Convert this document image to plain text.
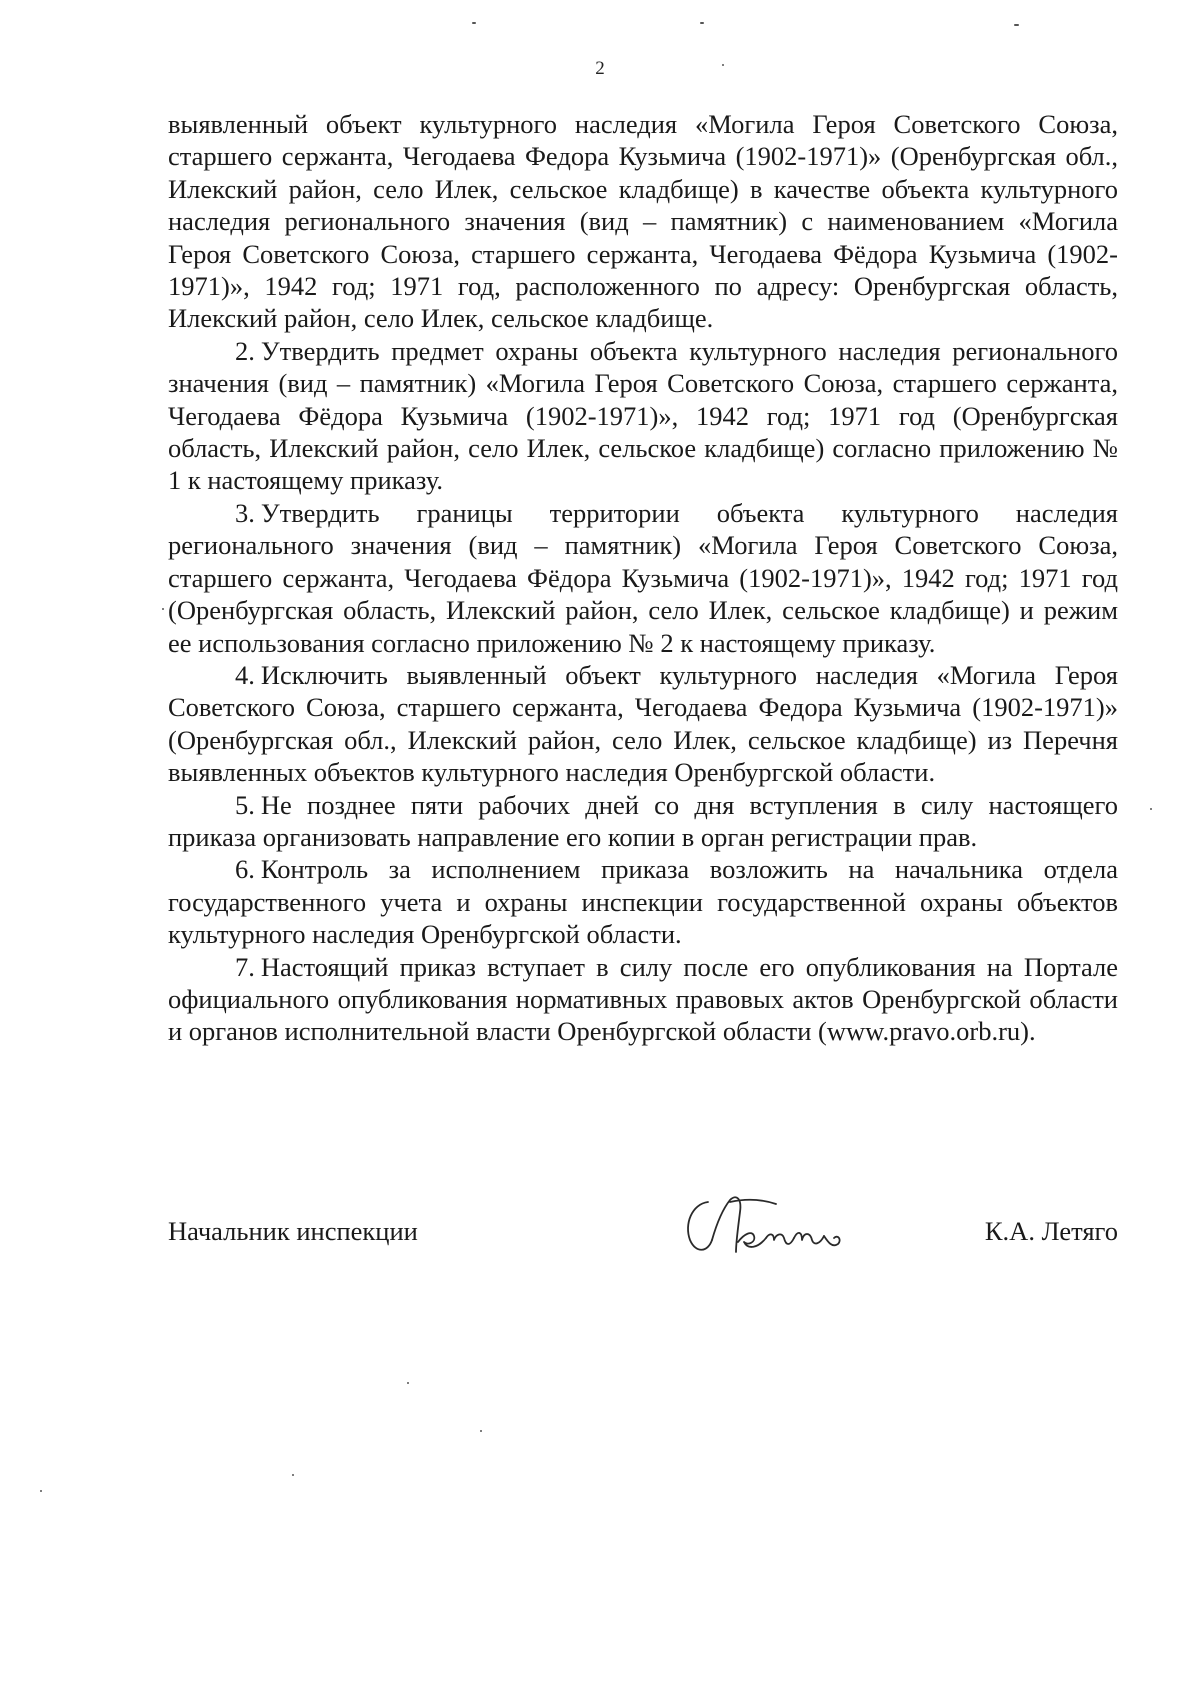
2

выявленный объект культурного наследия «Могила Героя Советского Союза, старшего сержанта, Чегодаева Федора Кузьмича (1902-1971)» (Оренбургская обл., Илекский район, село Илек, сельское кладбище) в качестве объекта культурного наследия регионального значения (вид – памятник) с наименованием «Могила Героя Советского Союза, старшего сержанта, Чегодаева Фёдора Кузьмича (1902-1971)», 1942 год; 1971 год, расположенного по адресу: Оренбургская область, Илекский район, село Илек, сельское кладбище.

2. Утвердить предмет охраны объекта культурного наследия регионального значения (вид – памятник) «Могила Героя Советского Союза, старшего сержанта, Чегодаева Фёдора Кузьмича (1902-1971)», 1942 год; 1971 год (Оренбургская область, Илекский район, село Илек, сельское кладбище) согласно приложению № 1 к настоящему приказу.

3. Утвердить границы территории объекта культурного наследия регионального значения (вид – памятник) «Могила Героя Советского Союза, старшего сержанта, Чегодаева Фёдора Кузьмича (1902-1971)», 1942 год; 1971 год (Оренбургская область, Илекский район, село Илек, сельское кладбище) и режим ее использования согласно приложению № 2 к настоящему приказу.

4. Исключить выявленный объект культурного наследия «Могила Героя Советского Союза, старшего сержанта, Чегодаева Федора Кузьмича (1902-1971)» (Оренбургская обл., Илекский район, село Илек, сельское кладбище) из Перечня выявленных объектов культурного наследия Оренбургской области.

5. Не позднее пяти рабочих дней со дня вступления в силу настоящего приказа организовать направление его копии в орган регистрации прав.

6. Контроль за исполнением приказа возложить на начальника отдела государственного учета и охраны инспекции государственной охраны объектов культурного наследия Оренбургской области.

7. Настоящий приказ вступает в силу после его опубликования на Портале официального опубликования нормативных правовых актов Оренбургской области и органов исполнительной власти Оренбургской области (www.pravo.orb.ru).

Начальник инспекции	К.А. Летяго
